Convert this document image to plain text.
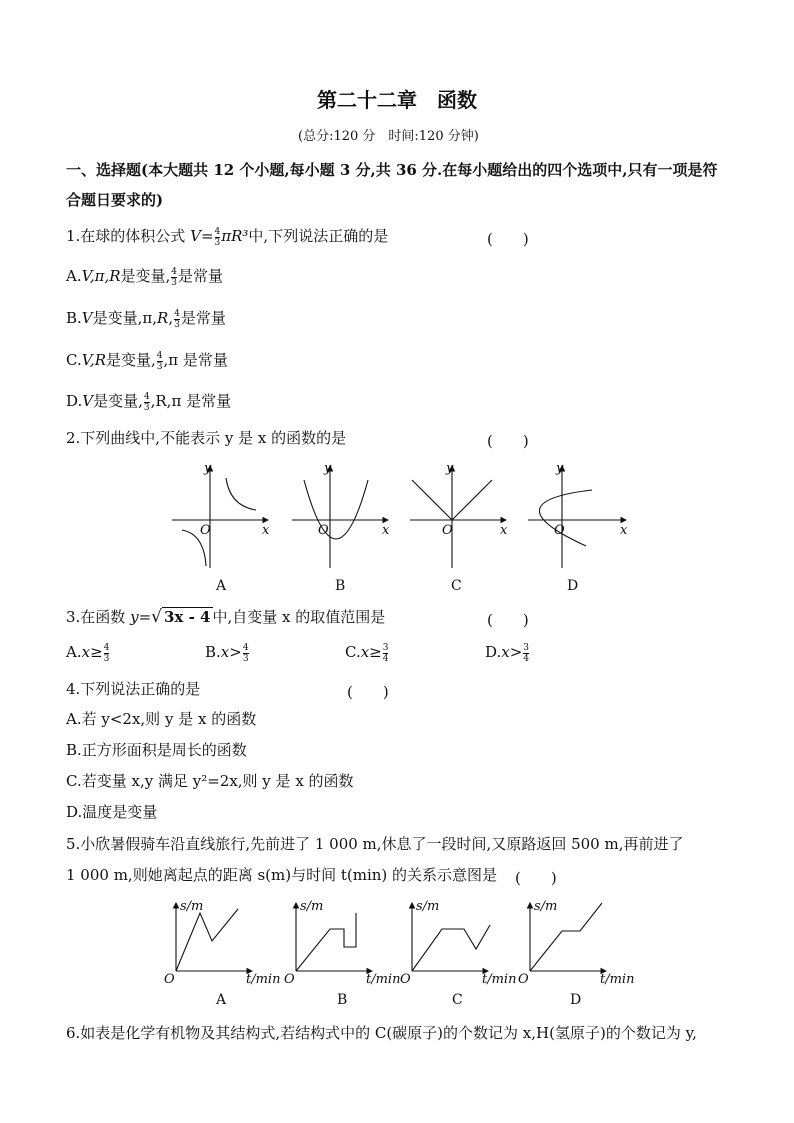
第二十二章　函数
(总分:120 分　时间:120 分钟)
一、选择题(本大题共 12 个小题,每小题 3 分,共 36 分.在每小题给出的四个选项中,只有一项是符
合题日要求的)
1.在球的体积公式 $V= \frac{4}{3} \pi R^3$中,下列说法正确的是	(　　)
A.V,π,R是变量, $\frac{4}{3}$ 是常量
B.V是变量,π,R, $\frac{4}{3}$ 是常量
C.V,R是变量, $\frac{4}{3} ,\pi$ 是常量
D.V是变量, $\frac{4}{3} ,R,\pi$ 是常量
2.下列曲线中,不能表示 y 是 x 的函数的是	(　　)
y
x
O
y
x
O
y
x
O
y
x
O
A	B	C	D
3.在函数 y=√ 3x - 4 中,自变量 x 的取值范围是	(　　)
$A.x\ge \frac{4}{3}$	$B.x> \frac{4}{3}$	$C.x\ge \frac{3}{4}$	$D.x> \frac{3}{4}$
4.下列说法正确的是	(　　)
A.若 y<2x,则 y 是 x 的函数
B.正方形面积是周长的函数
C.若变量 x,y 满足 y²=2x,则 y 是 x 的函数
D.温度是变量
5.小欣暑假骑车沿直线旅行,先前进了 1 000 m,休息了一段时间,又原路返回 500 m,再前进了
1 000 m,则她离起点的距离 s(m)与时间 t(min) 的关系示意图是 (　　)
s/m
t/min
O
s/m
t/min
O
s/m
t/min
O
s/m
t/min
O
A	B	C	D
6.如表是化学有机物及其结构式,若结构式中的 C(碳原子)的个数记为 x,H(氢原子)的个数记为 y,
